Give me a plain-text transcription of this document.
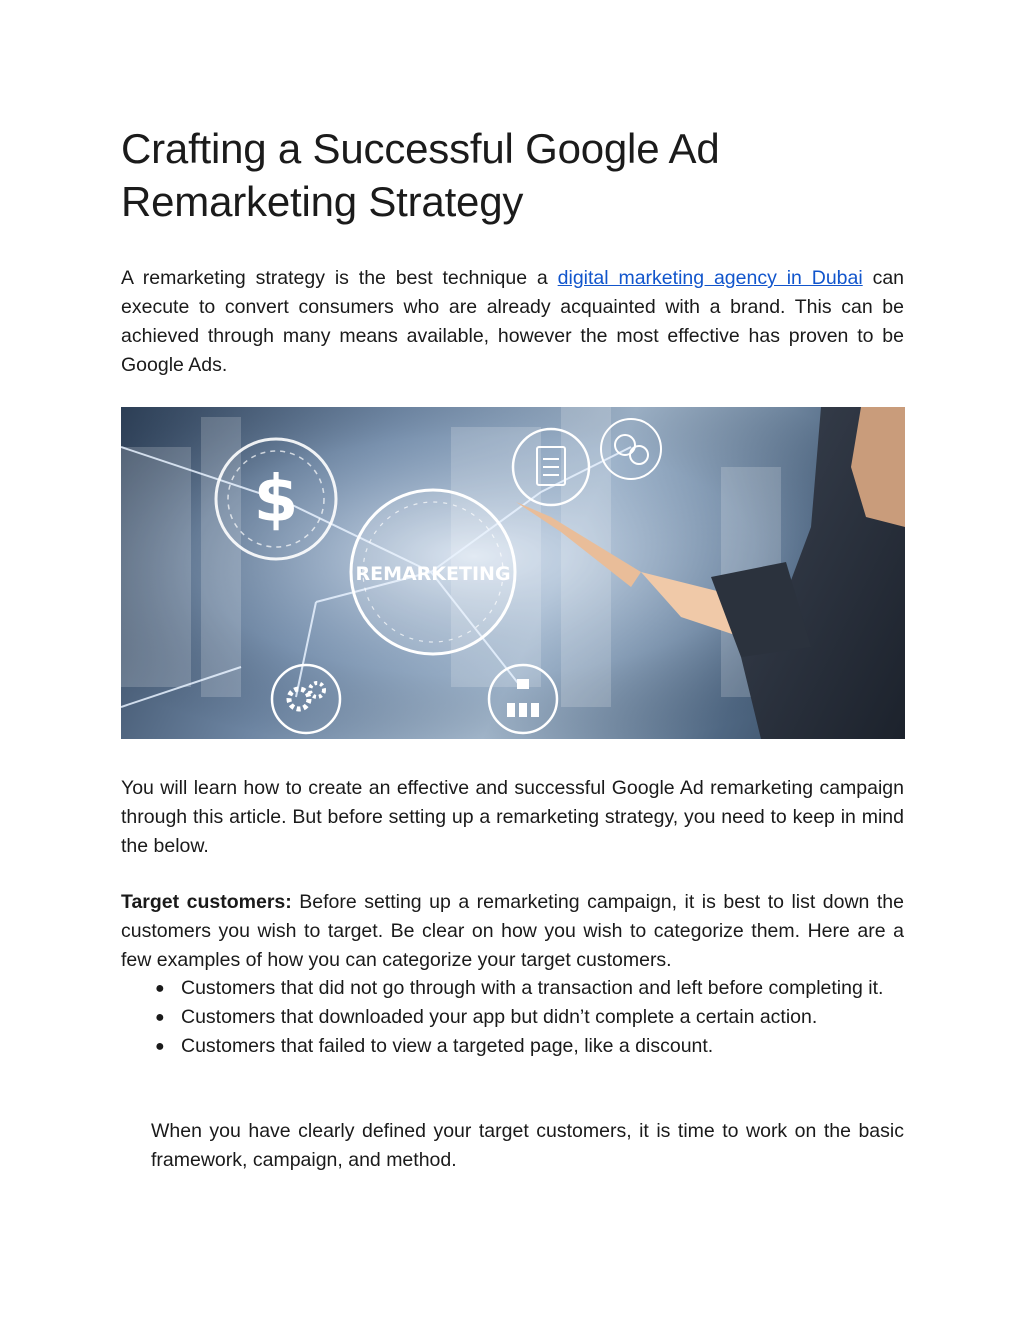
Crafting a Successful Google Ad
Remarketing Strategy

A remarketing strategy is the best technique a digital marketing agency in Dubai can execute to convert consumers who are already acquainted with a brand. This can be achieved through many means available, however the most effective has proven to be Google Ads.

You will learn how to create an effective and successful Google Ad remarketing campaign through this article. But before setting up a remarketing strategy, you need to keep in mind the below.

Target customers: Before setting up a remarketing campaign, it is best to list down the customers you wish to target. Be clear on how you wish to categorize them. Here are a few examples of how you can categorize your target customers.

● Customers that did not go through with a transaction and left before completing it.
● Customers that downloaded your app but didn’t complete a certain action.
● Customers that failed to view a targeted page, like a discount.

When you have clearly defined your target customers, it is time to work on the basic framework, campaign, and method.

$
REMARKETING
